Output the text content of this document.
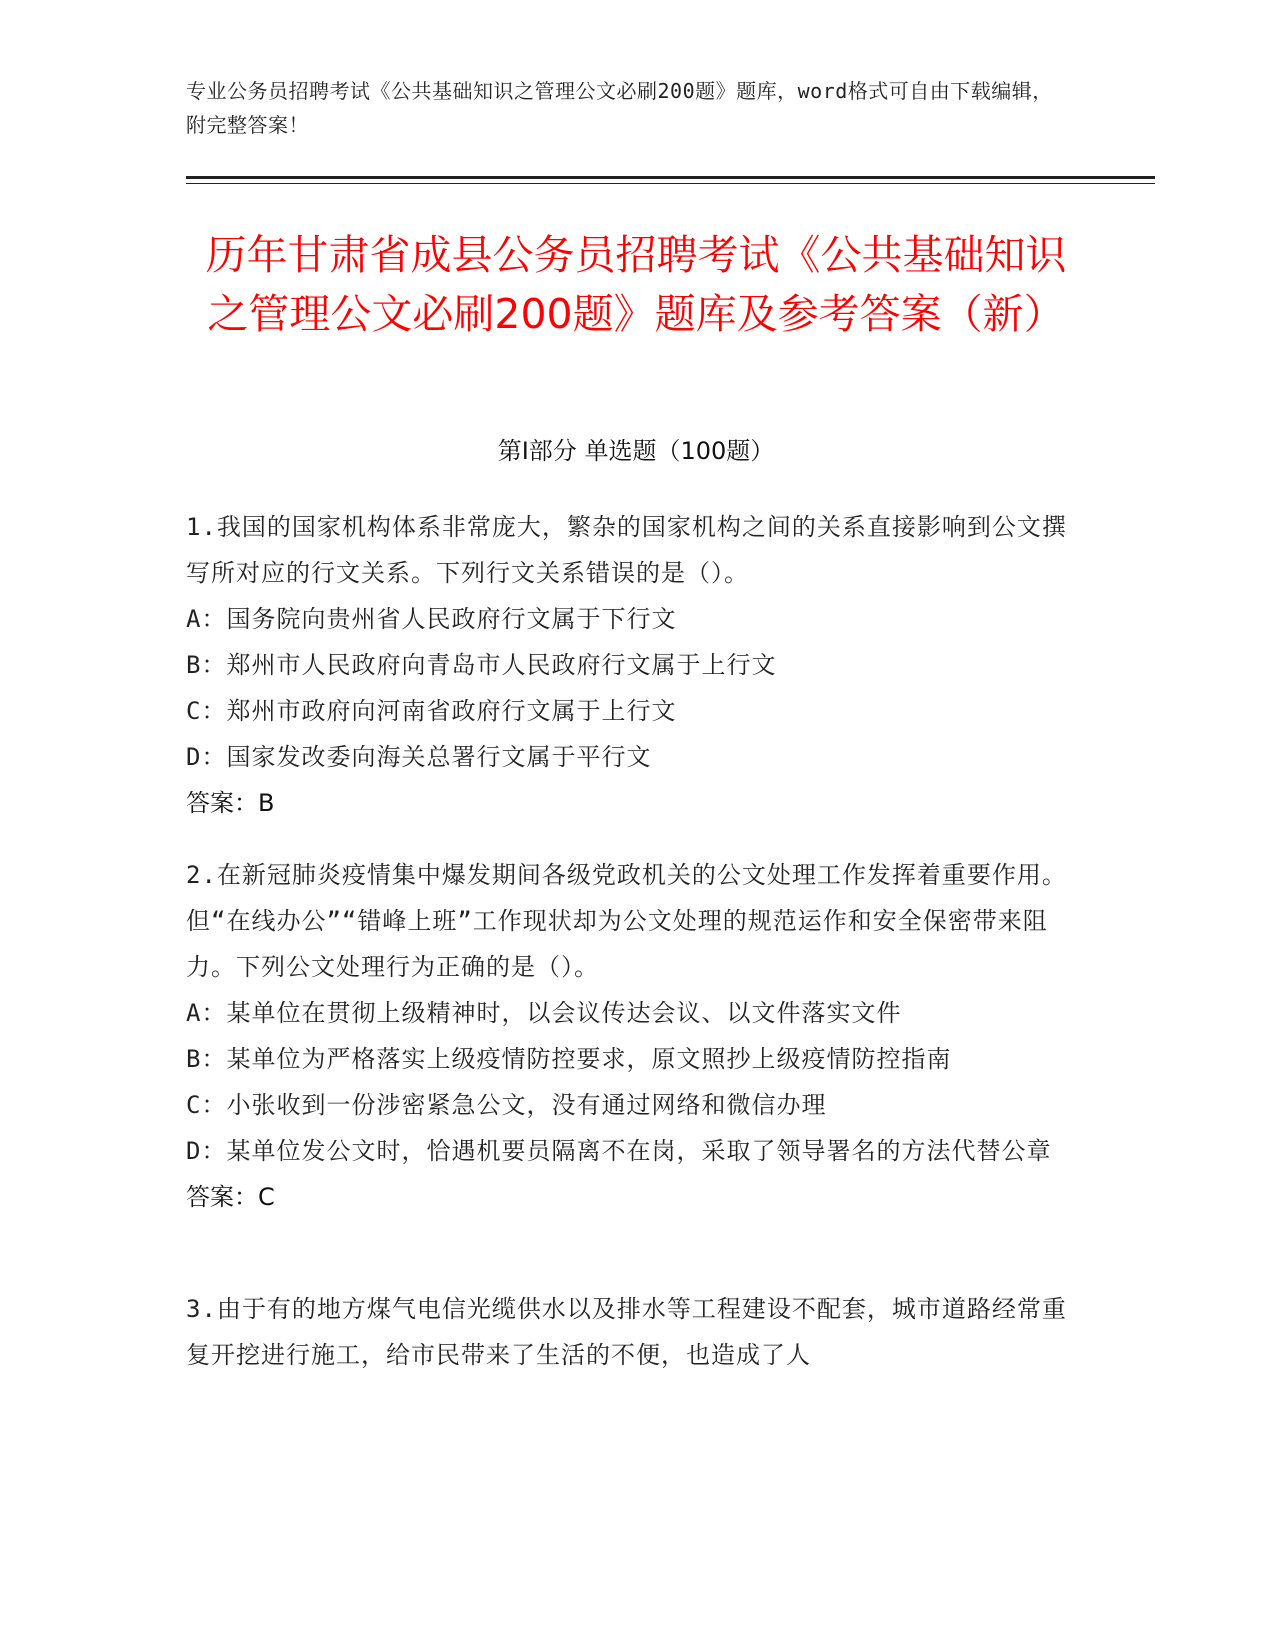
专业公务员招聘考试《公共基础知识之管理公文必刷200题》题库，word格式可自由下载编辑，附完整答案！
历年甘肃省成县公务员招聘考试《公共基础知识之管理公文必刷200题》题库及参考答案（新）
第I部分 单选题（100题）

1.我国的国家机构体系非常庞大，繁杂的国家机构之间的关系直接影响到公文撰写所对应的行文关系。下列行文关系错误的是（）。

A：国务院向贵州省人民政府行文属于下行文

B：郑州市人民政府向青岛市人民政府行文属于上行文

C：郑州市政府向河南省政府行文属于上行文

D：国家发改委向海关总署行文属于平行文

答案：B

2.在新冠肺炎疫情集中爆发期间各级党政机关的公文处理工作发挥着重要作用。但“在线办公”“错峰上班”工作现状却为公文处理的规范运作和安全保密带来阻力。下列公文处理行为正确的是（）。

A：某单位在贯彻上级精神时，以会议传达会议、以文件落实文件

B：某单位为严格落实上级疫情防控要求，原文照抄上级疫情防控指南

C：小张收到一份涉密紧急公文，没有通过网络和微信办理

D：某单位发公文时，恰遇机要员隔离不在岗，采取了领导署名的方法代替公章

答案：C

3.由于有的地方煤气电信光缆供水以及排水等工程建设不配套，城市道路经常重复开挖进行施工，给市民带来了生活的不便，也造成了人
